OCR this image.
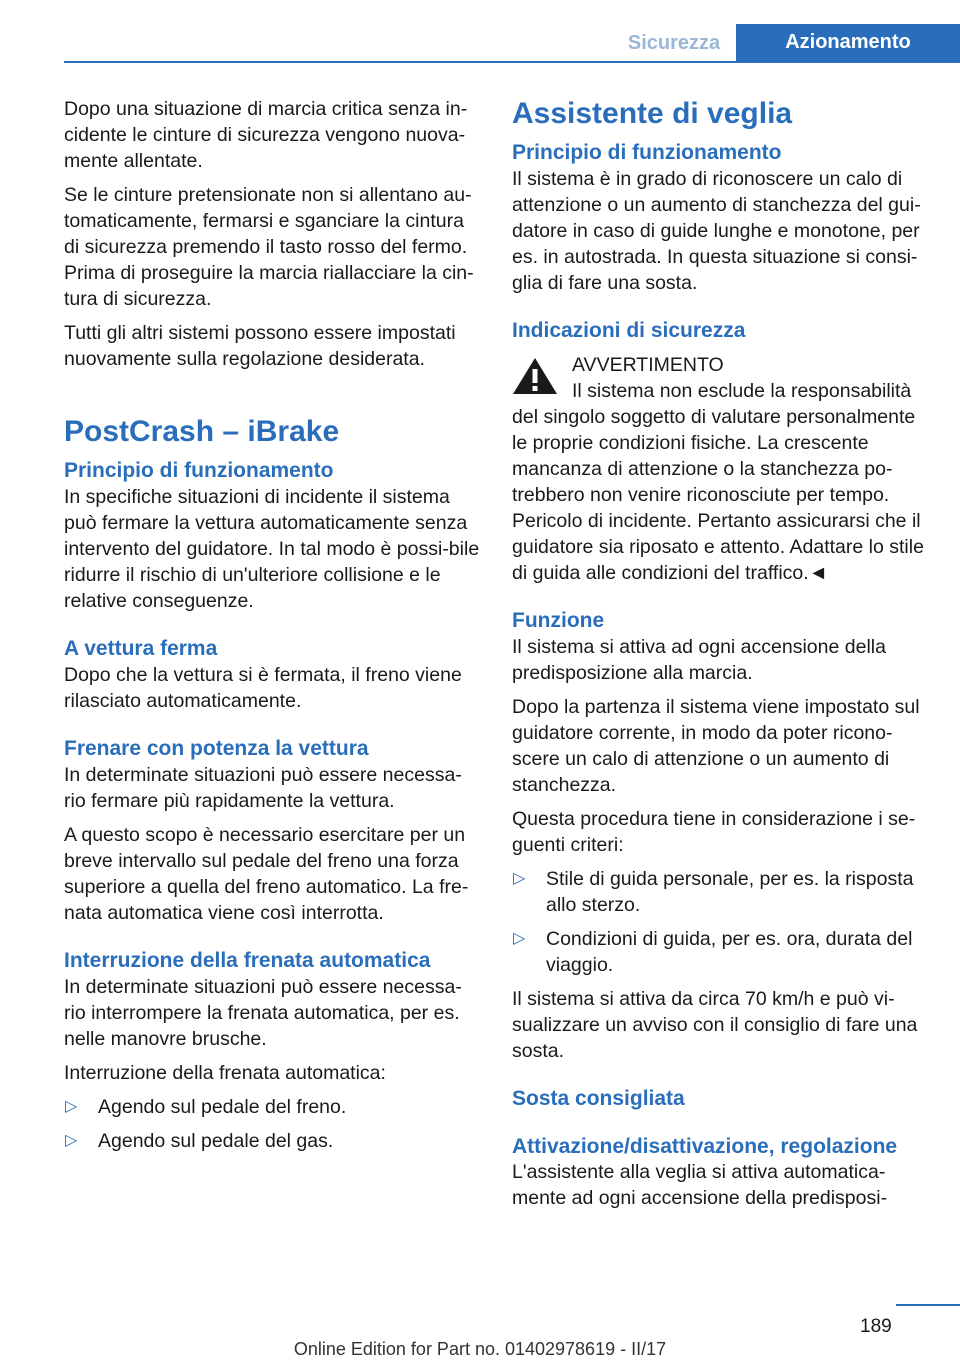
Sicurezza	Azionamento

Dopo una situazione di marcia critica senza in-cidente le cinture di sicurezza vengono nuova-mente allentate.

Se le cinture pretensionate non si allentano au-tomaticamente, fermarsi e sganciare la cintura di sicurezza premendo il tasto rosso del fermo. Prima di proseguire la marcia riallacciare la cin-tura di sicurezza.

Tutti gli altri sistemi possono essere impostati nuovamente sulla regolazione desiderata.

PostCrash – iBrake
Principio di funzionamento

In specifiche situazioni di incidente il sistema può fermare la vettura automaticamente senza intervento del guidatore. In tal modo è possi-bile ridurre il rischio di un'ulteriore collisione e le relative conseguenze.

A vettura ferma

Dopo che la vettura si è fermata, il freno viene rilasciato automaticamente.

Frenare con potenza la vettura

In determinate situazioni può essere necessa-rio fermare più rapidamente la vettura.

A questo scopo è necessario esercitare per un breve intervallo sul pedale del freno una forza superiore a quella del freno automatico. La fre-nata automatica viene così interrotta.

Interruzione della frenata automatica

In determinate situazioni può essere necessa-rio interrompere la frenata automatica, per es. nelle manovre brusche.

Interruzione della frenata automatica:

▷ Agendo sul pedale del freno.
▷ Agendo sul pedale del gas.
Assistente di veglia
Principio di funzionamento

Il sistema è in grado di riconoscere un calo di attenzione o un aumento di stanchezza del gui-datore in caso di guide lunghe e monotone, per es. in autostrada. In questa situazione si consi-glia di fare una sosta.

Indicazioni di sicurezza
AVVERTIMENTO
Il sistema non esclude la responsabilità del singolo soggetto di valutare personalmente le proprie condizioni fisiche. La crescente mancanza di attenzione o la stanchezza po-trebbero non venire riconosciute per tempo. Pericolo di incidente. Pertanto assicurarsi che il guidatore sia riposato e attento. Adattare lo stile di guida alle condizioni del traffico.◄
Funzione

Il sistema si attiva ad ogni accensione della predisposizione alla marcia.

Dopo la partenza il sistema viene impostato sul guidatore corrente, in modo da poter ricono-scere un calo di attenzione o un aumento di stanchezza.

Questa procedura tiene in considerazione i se-guenti criteri:

▷ Stile di guida personale, per es. la risposta allo sterzo.
▷ Condizioni di guida, per es. ora, durata del viaggio.

Il sistema si attiva da circa 70 km/h e può vi-sualizzare un avviso con il consiglio di fare una sosta.

Sosta consigliata
Attivazione/disattivazione, regolazione

L'assistente alla veglia si attiva automatica-mente ad ogni accensione della predisposi-

189
Online Edition for Part no. 01402978619 - II/17
